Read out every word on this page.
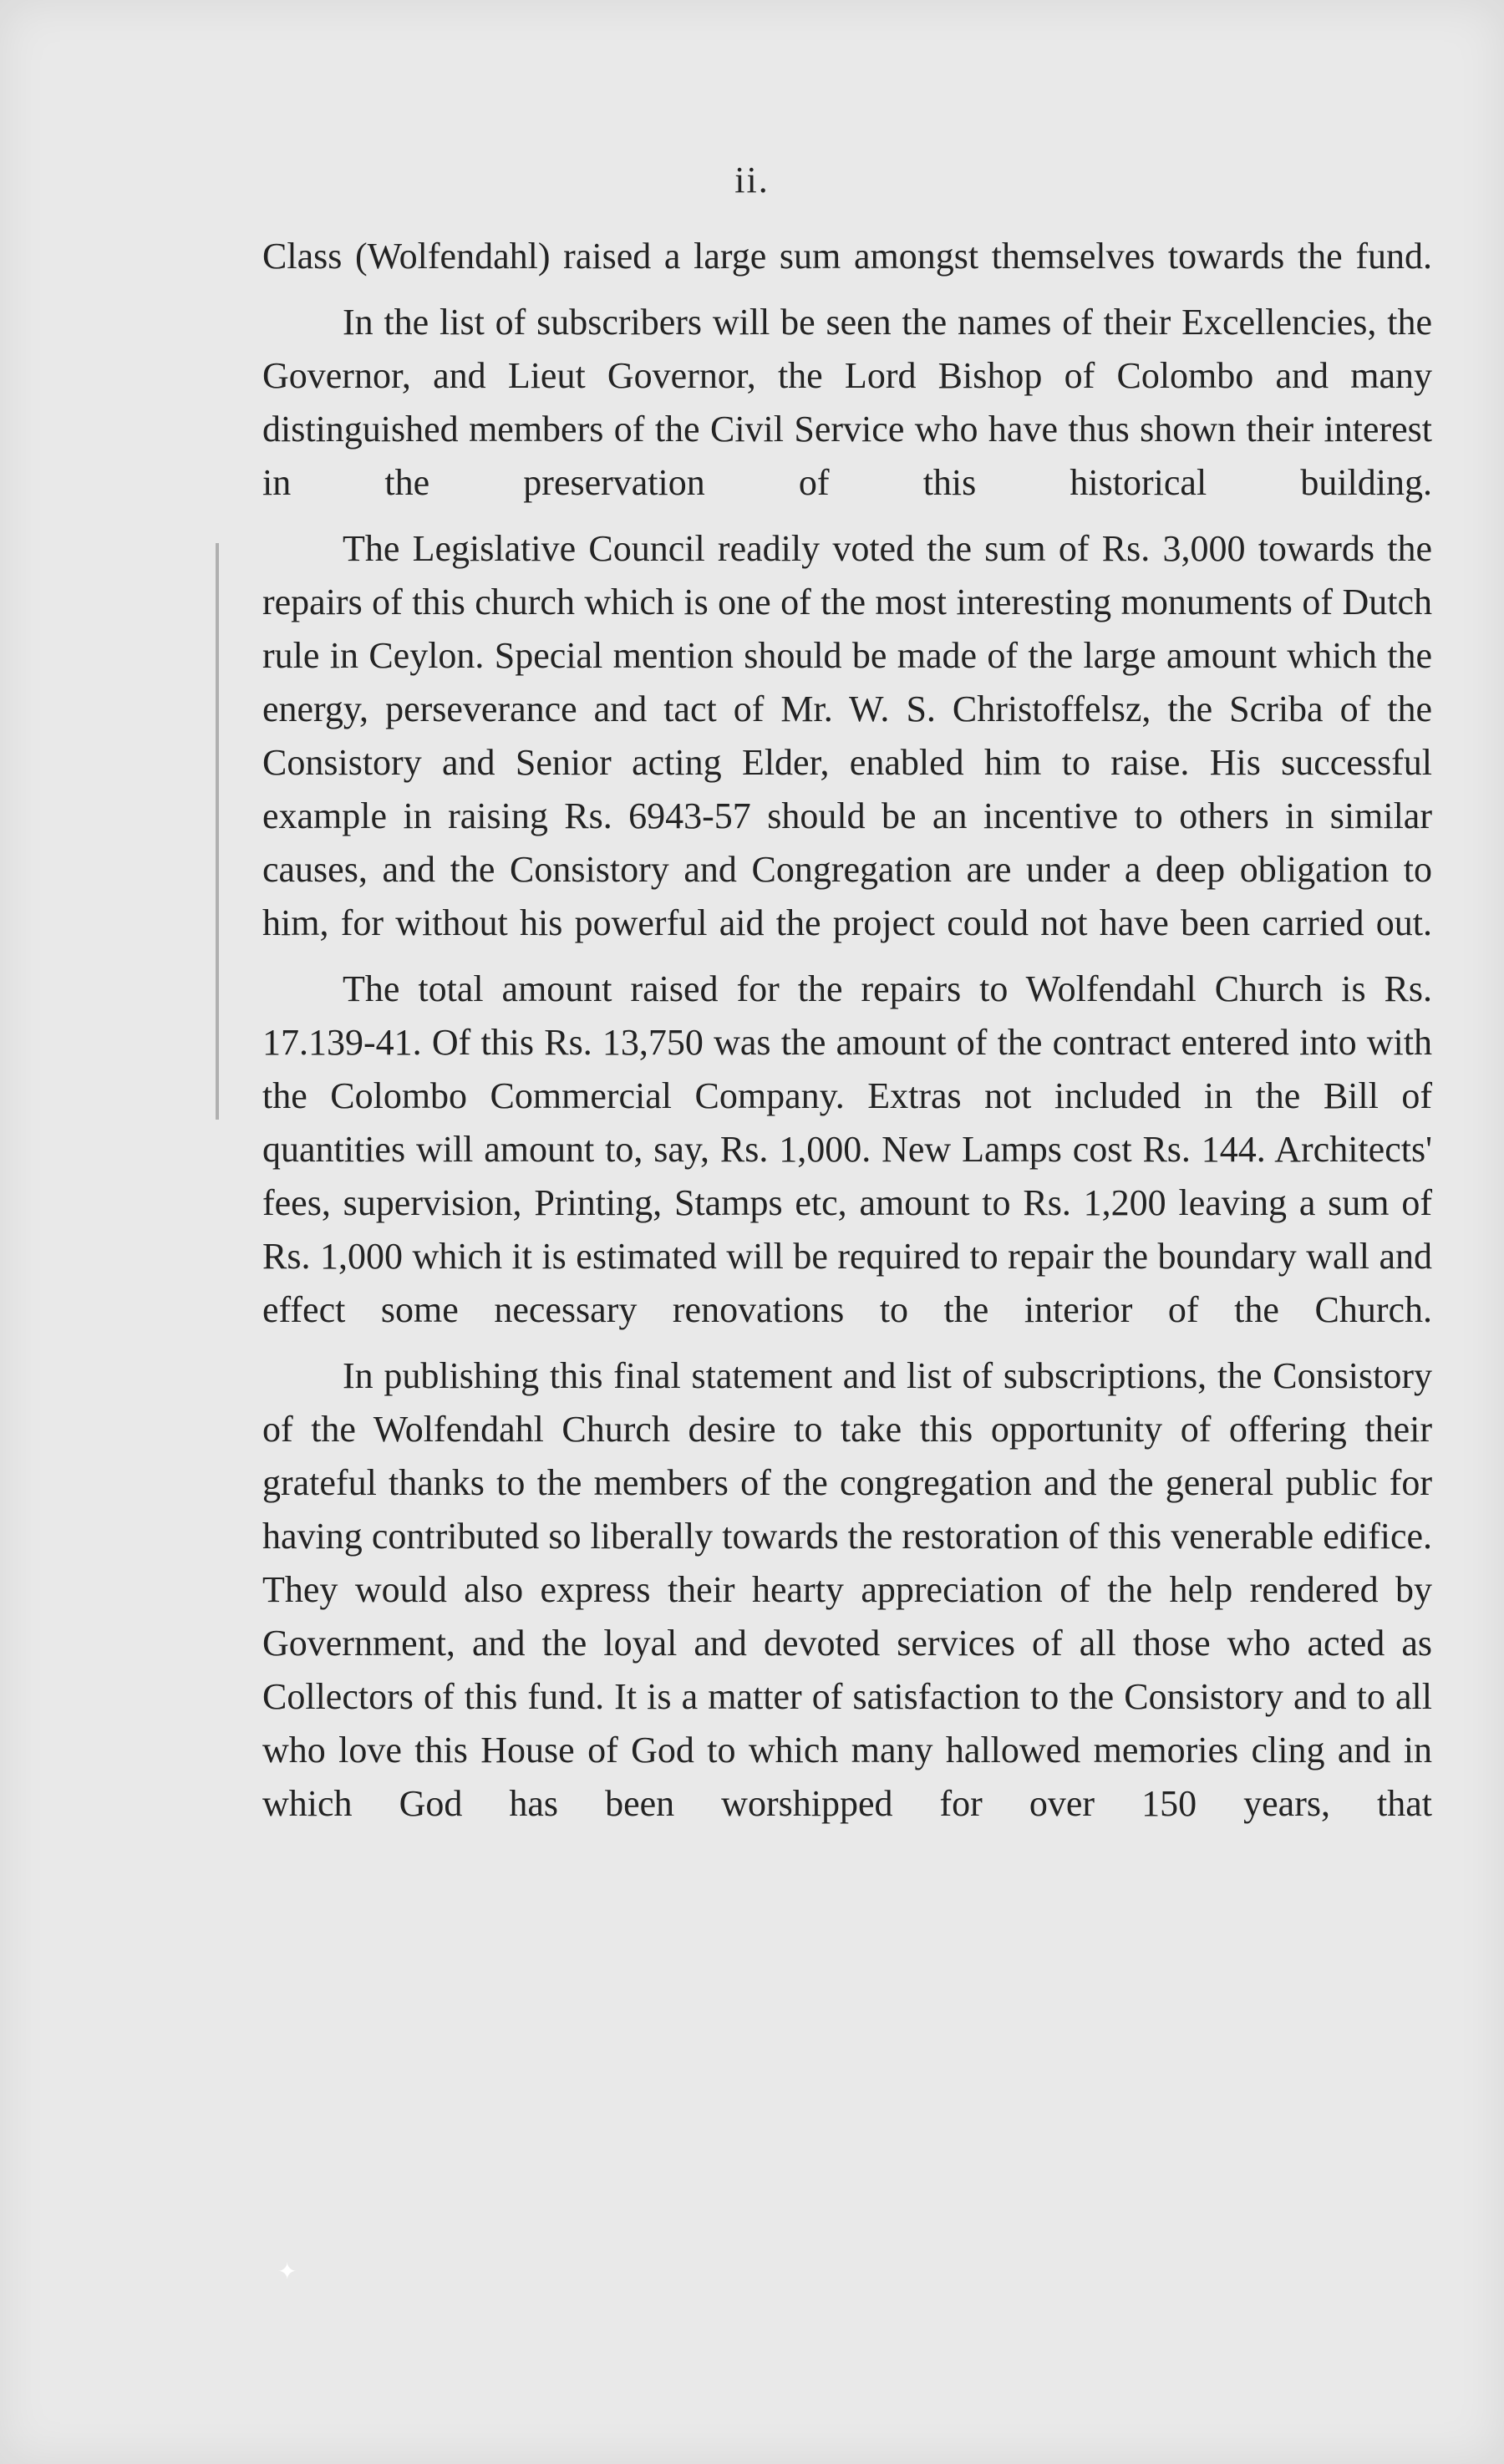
ii.

Class (Wolfendahl) raised a large sum amongst themselves towards the fund.

In the list of subscribers will be seen the names of their Excellencies, the Governor, and Lieut Governor, the Lord Bishop of Colombo and many distinguished members of the Civil Service who have thus shown their interest in the preservation of this historical building.

The Legislative Council readily voted the sum of Rs. 3,000 towards the repairs of this church which is one of the most interesting monuments of Dutch rule in Ceylon. Special mention should be made of the large amount which the energy, perseverance and tact of Mr. W. S. Christoffelsz, the Scriba of the Consistory and Senior acting Elder, enabled him to raise. His successful example in raising Rs. 6943-57 should be an incentive to others in similar causes, and the Consistory and Congregation are under a deep obligation to him, for without his powerful aid the project could not have been carried out.

The total amount raised for the repairs to Wolfendahl Church is Rs. 17.139-41. Of this Rs. 13,750 was the amount of the contract entered into with the Colombo Commercial Company. Extras not included in the Bill of quantities will amount to, say, Rs. 1,000. New Lamps cost Rs. 144. Architects' fees, supervision, Printing, Stamps etc, amount to Rs. 1,200 leaving a sum of Rs. 1,000 which it is estimated will be required to repair the boundary wall and effect some necessary renovations to the interior of the Church.

In publishing this final statement and list of subscriptions, the Consistory of the Wolfendahl Church desire to take this opportunity of offering their grateful thanks to the members of the congregation and the general public for having contributed so liberally towards the restoration of this venerable edifice. They would also express their hearty appreciation of the help rendered by Government, and the loyal and devoted services of all those who acted as Collectors of this fund. It is a matter of satisfaction to the Consistory and to all who love this House of God to which many hallowed memories cling and in which God has been worshipped for over 150 years, that

✦
